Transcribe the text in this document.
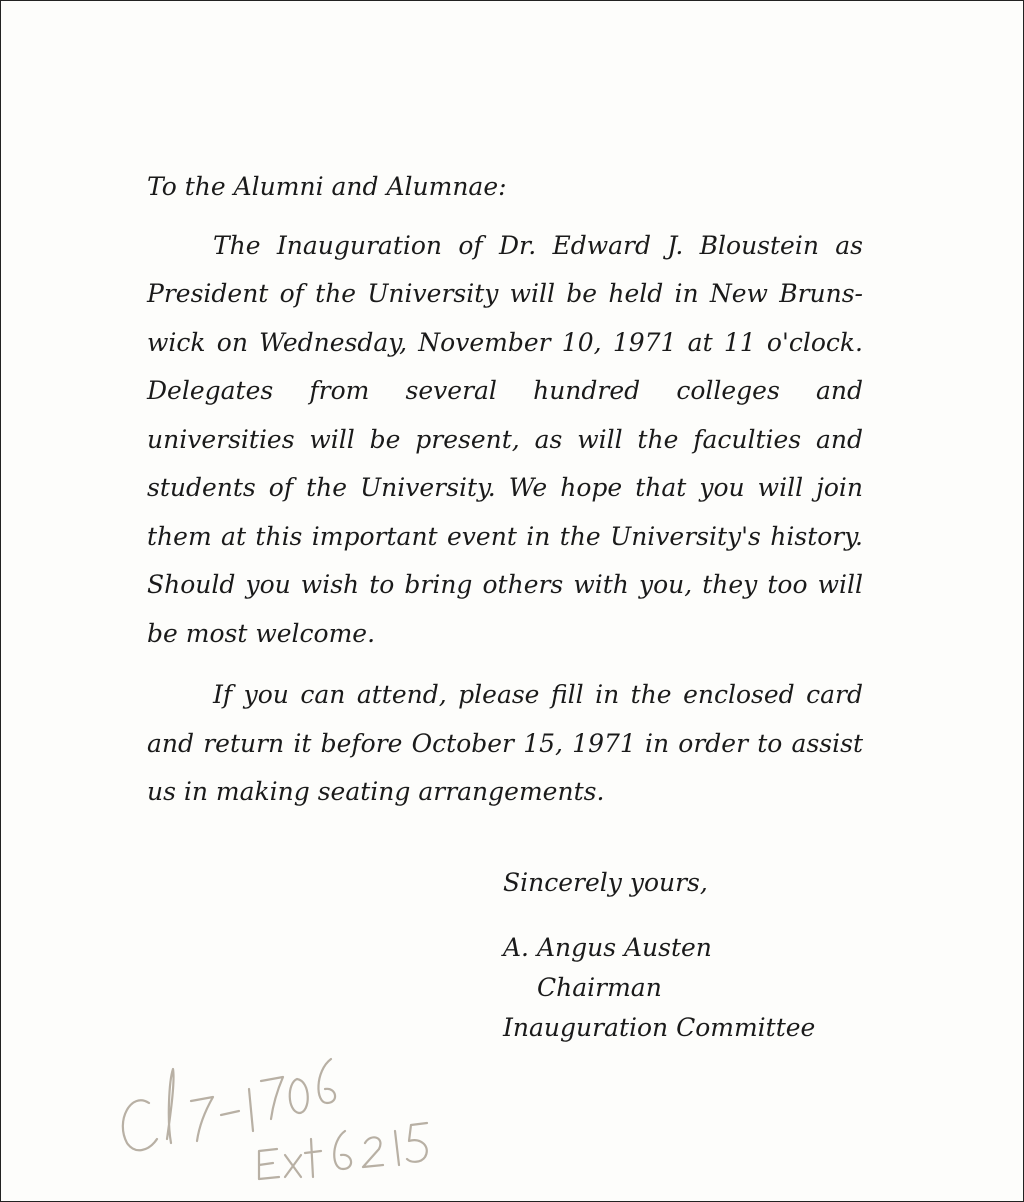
To the Alumni and Alumnae:

The Inauguration of Dr. Edward J. Bloustein as President of the University will be held in New Bruns- wick on Wednesday, November 10, 1971 at 11 o'clock. Delegates from several hundred colleges and universities will be present, as will the faculties and students of the University. We hope that you will join them at this important event in the University's history. Should you wish to bring others with you, they too will be most welcome.

If you can attend, please fill in the enclosed card and return it before October 15, 1971 in order to assist us in making seating arrangements.

Sincerely yours,
A. Angus Austen
Chairman
Inauguration Committee
